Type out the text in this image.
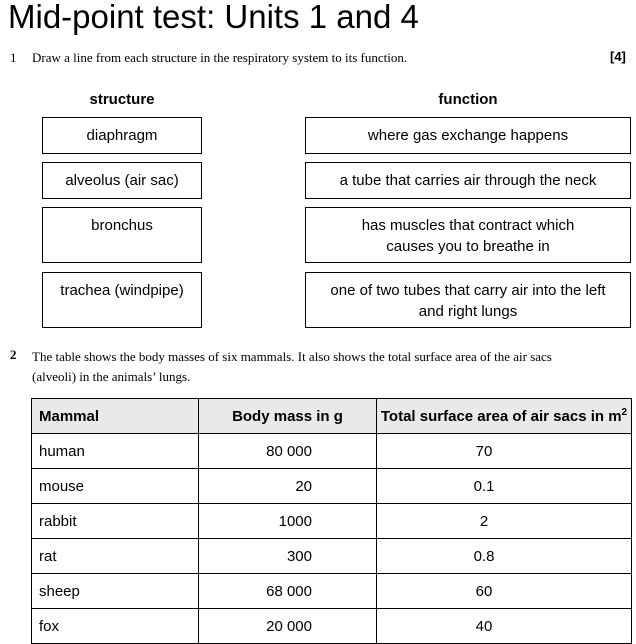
Mid-point test: Units 1 and 4
1 Draw a line from each structure in the respiratory system to its function.	[4]
structure	function
diaphragm
alveolus (air sac)
bronchus
trachea (windpipe)
where gas exchange happens
a tube that carries air through the neck
has muscles that contract which
causes you to breathe in
one of two tubes that carry air into the left
and right lungs
2 The table shows the body masses of six mammals. It also shows the total surface area of the air sacs (alveoli) in the animals’ lungs.
Mammal	Body mass in g	Total surface area of air sacs in $m^2$
human	80 000	70
mouse	20	0.1
rabbit	1000	2
rat	300	0.8
sheep	68 000	60
fox	20 000	40
